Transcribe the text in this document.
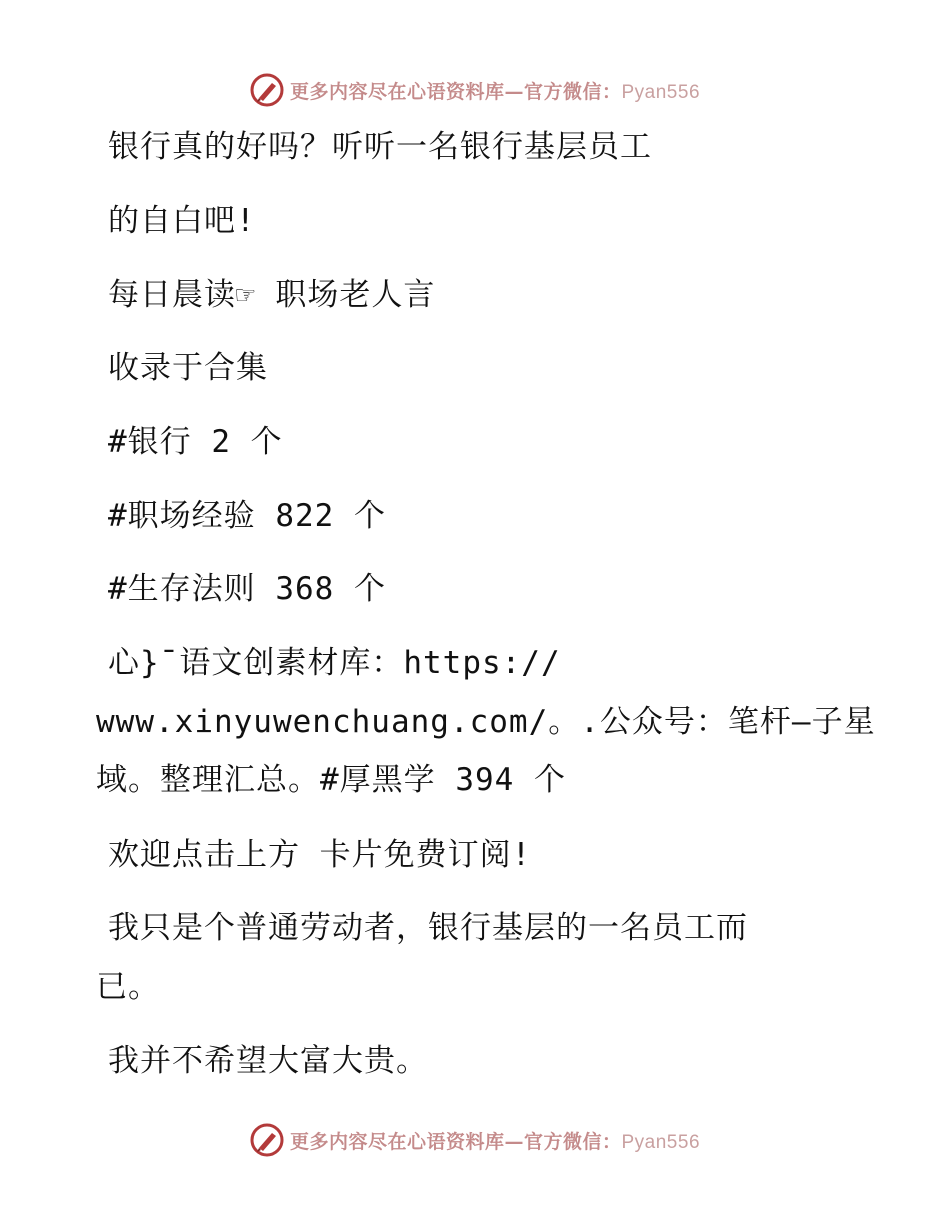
更多内容尽在心语资料库—官方微信：Pyan556
银行真的好吗？听听一名银行基层员工
的自白吧!
每日晨读☞ 职场老人言
收录于合集
#银行 2 个
#职场经验 822 个
#生存法则 368 个
心}¯语文创素材库：https://
www.xinyuwenchuang.com/。.公众号：笔杆—子星
域。整理汇总。#厚黑学 394 个
欢迎点击上方 卡片免费订阅!
我只是个普通劳动者，银行基层的一名员工而
已。
我并不希望大富大贵。
更多内容尽在心语资料库—官方微信：Pyan556
